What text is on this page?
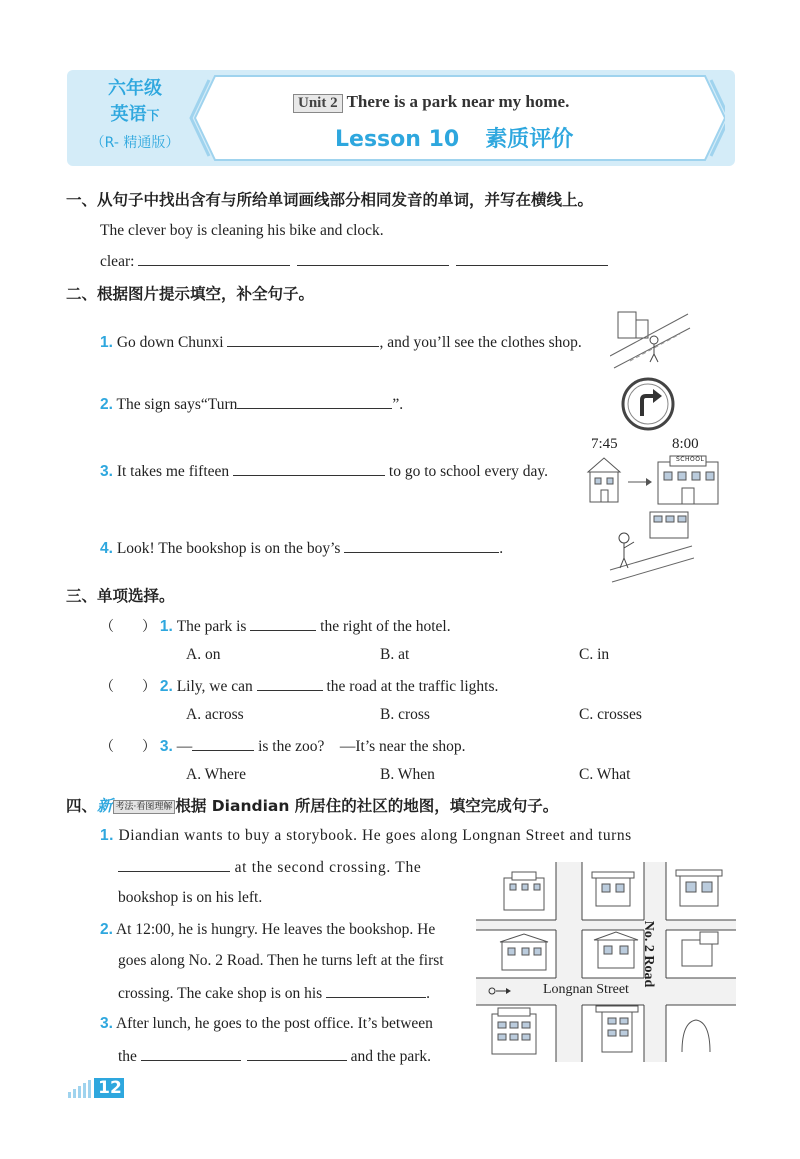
六年级
英语下
（R- 精通版）
Unit 2 There is a park near my home.
Lesson 10 素质评价
一、从句子中找出含有与所给单词画线部分相同发音的单词，并写在横线上。
The clever boy is cleaning his bike and clock.
clear:
二、根据图片提示填空，补全句子。
1. Go down Chunxi	, and you’ll see the clothes shop.
2. The sign says“Turn	”.
3. It takes me fifteen	to go to school every day.
4. Look! The bookshop is on the boy’s	.
7:45	8:00
SCHOOL
三、单项选择。
（　　） 1. The park is	the right of the hotel.
A. on	B. at	C. in
（　　） 2. Lily, we can	the road at the traffic lights.
A. across	B. cross	C. crosses
（　　） 3. —	is the zoo?　—It’s near the shop.
A. Where	B. When	C. What
四、新 考法·看图理解 根据 Diandian 所居住的社区的地图，填空完成句子。
1. Diandian wants to buy a storybook. He goes along Longnan Street and turns
at the second crossing. The
bookshop is on his left.
2. At 12:00, he is hungry. He leaves the bookshop. He
goes along No. 2 Road. Then he turns left at the first
crossing. The cake shop is on his	.
3. After lunch, he goes to the post office. It’s between
the	and the park.
Longnan Street
No. 2 Road
12
